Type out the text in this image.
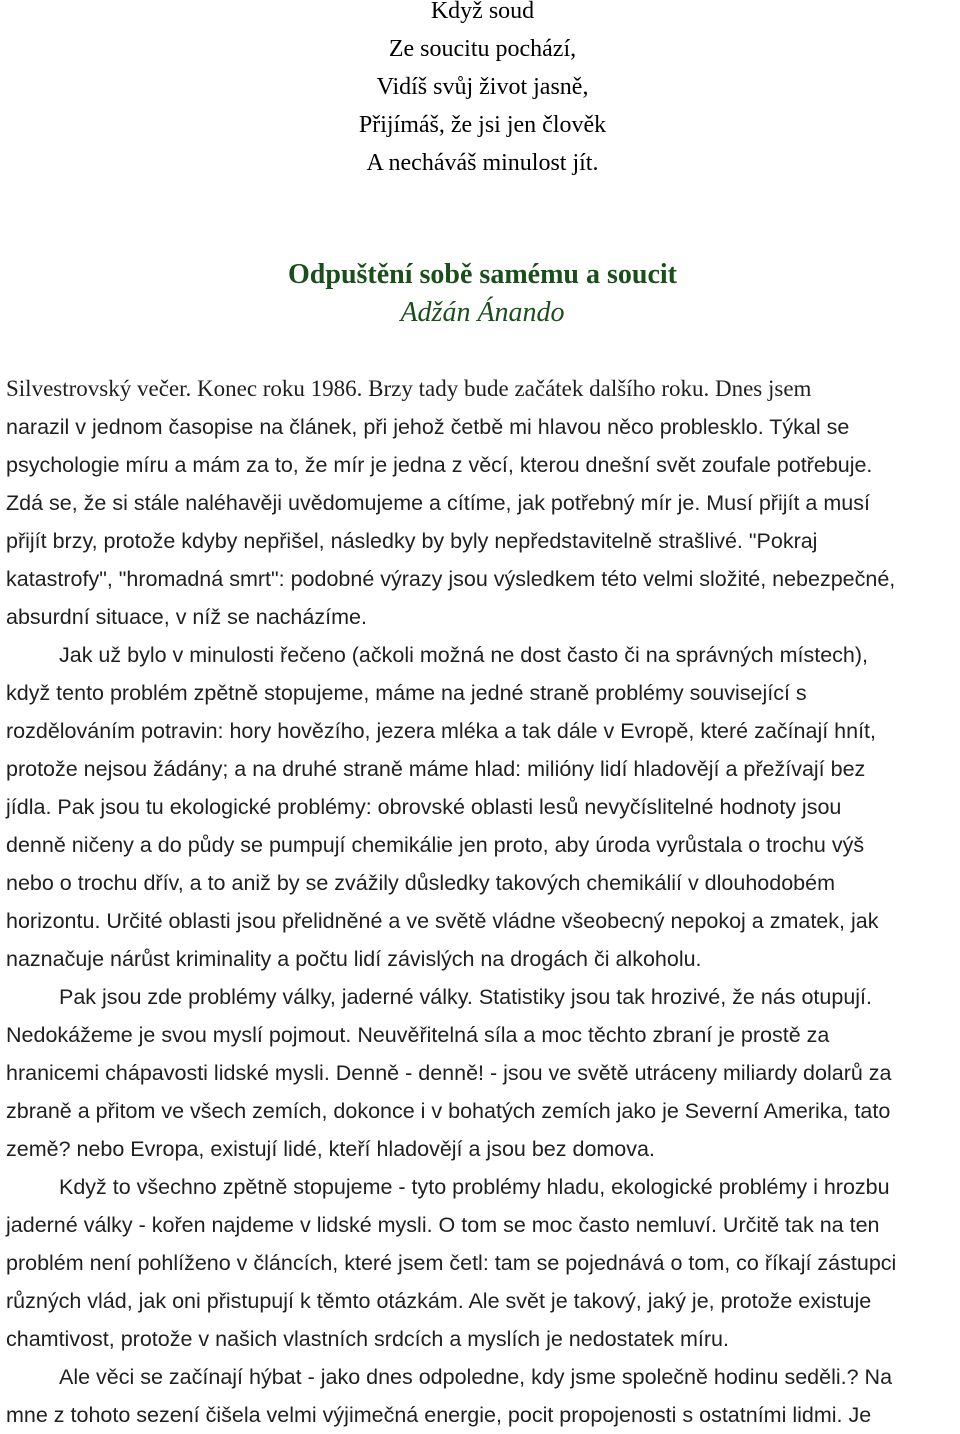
Když soud
Ze soucitu pochází,
Vidíš svůj život jasně,
Přijímáš, že jsi jen člověk
A necháváš minulost jít.
Odpuštění sobě samému a soucit
Adžán Ánando
Silvestrovský večer. Konec roku 1986. Brzy tady bude začátek dalšího roku. Dnes jsem
narazil v jednom časopise na článek, při jehož četbě mi hlavou něco problesklo. Týkal se
psychologie míru a mám za to, že mír je jedna z věcí, kterou dnešní svět zoufale potřebuje.
Zdá se, že si stále naléhavěji uvědomujeme a cítíme, jak potřebný mír je. Musí přijít a musí
přijít brzy, protože kdyby nepřišel, následky by byly nepředstavitelně strašlivé. "Pokraj
katastrofy", "hromadná smrt": podobné výrazy jsou výsledkem této velmi složité, nebezpečné,
absurdní situace, v níž se nacházíme.
Jak už bylo v minulosti řečeno (ačkoli možná ne dost často či na správných místech),
když tento problém zpětně stopujeme, máme na jedné straně problémy související s
rozdělováním potravin: hory hovězího, jezera mléka a tak dále v Evropě, které začínají hnít,
protože nejsou žádány; a na druhé straně máme hlad: milióny lidí hladovějí a přežívají bez
jídla. Pak jsou tu ekologické problémy: obrovské oblasti lesů nevyčíslitelné hodnoty jsou
denně ničeny a do půdy se pumpují chemikálie jen proto, aby úroda vyrůstala o trochu výš
nebo o trochu dřív, a to aniž by se zvážily důsledky takových chemikálií v dlouhodobém
horizontu. Určité oblasti jsou přelidněné a ve světě vládne všeobecný nepokoj a zmatek, jak
naznačuje nárůst kriminality a počtu lidí závislých na drogách či alkoholu.
Pak jsou zde problémy války, jaderné války. Statistiky jsou tak hrozivé, že nás otupují.
Nedokážeme je svou myslí pojmout. Neuvěřitelná síla a moc těchto zbraní je prostě za
hranicemi chápavosti lidské mysli. Denně - denně! - jsou ve světě utráceny miliardy dolarů za
zbraně a přitom ve všech zemích, dokonce i v bohatých zemích jako je Severní Amerika, tato
země? nebo Evropa, existují lidé, kteří hladovějí a jsou bez domova.
Když to všechno zpětně stopujeme - tyto problémy hladu, ekologické problémy i hrozbu
jaderné války - kořen najdeme v lidské mysli. O tom se moc často nemluví. Určitě tak na ten
problém není pohlíženo v článcích, které jsem četl: tam se pojednává o tom, co říkají zástupci
různých vlád, jak oni přistupují k těmto otázkám. Ale svět je takový, jaký je, protože existuje
chamtivost, protože v našich vlastních srdcích a myslích je nedostatek míru.
Ale věci se začínají hýbat - jako dnes odpoledne, kdy jsme společně hodinu seděli.? Na
mne z tohoto sezení čišela velmi výjimečná energie, pocit propojenosti s ostatními lidmi. Je
